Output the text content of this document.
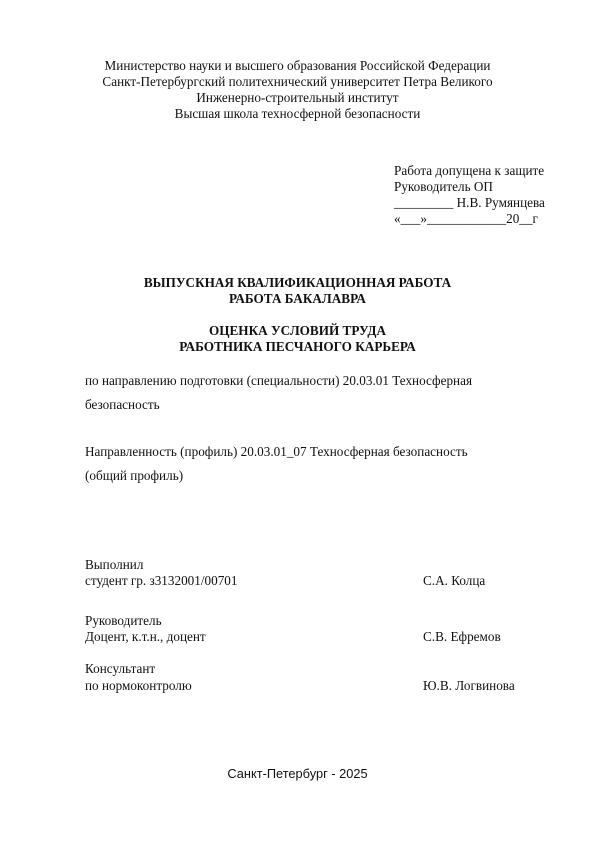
Министерство науки и высшего образования Российской Федерации
Санкт-Петербургский политехнический университет Петра Великого
Инженерно-строительный институт
Высшая школа техносферной безопасности
Работа допущена к защите
Руководитель ОП
_________ Н.В. Румянцева
«___»____________20__г
ВЫПУСКНАЯ КВАЛИФИКАЦИОННАЯ РАБОТА
РАБОТА БАКАЛАВРА
ОЦЕНКА УСЛОВИЙ ТРУДА
РАБОТНИКА ПЕСЧАНОГО КАРЬЕРА
по направлению подготовки (специальности) 20.03.01 Техносферная
безопасность
Направленность (профиль) 20.03.01_07 Техносферная безопасность
(общий профиль)
Выполнил
студент гр. з3132001/00701	С.А. Колца
Руководитель
Доцент, к.т.н., доцент	С.В. Ефремов
Консультант
по нормоконтролю	Ю.В. Логвинова
Санкт-Петербург - 2025
